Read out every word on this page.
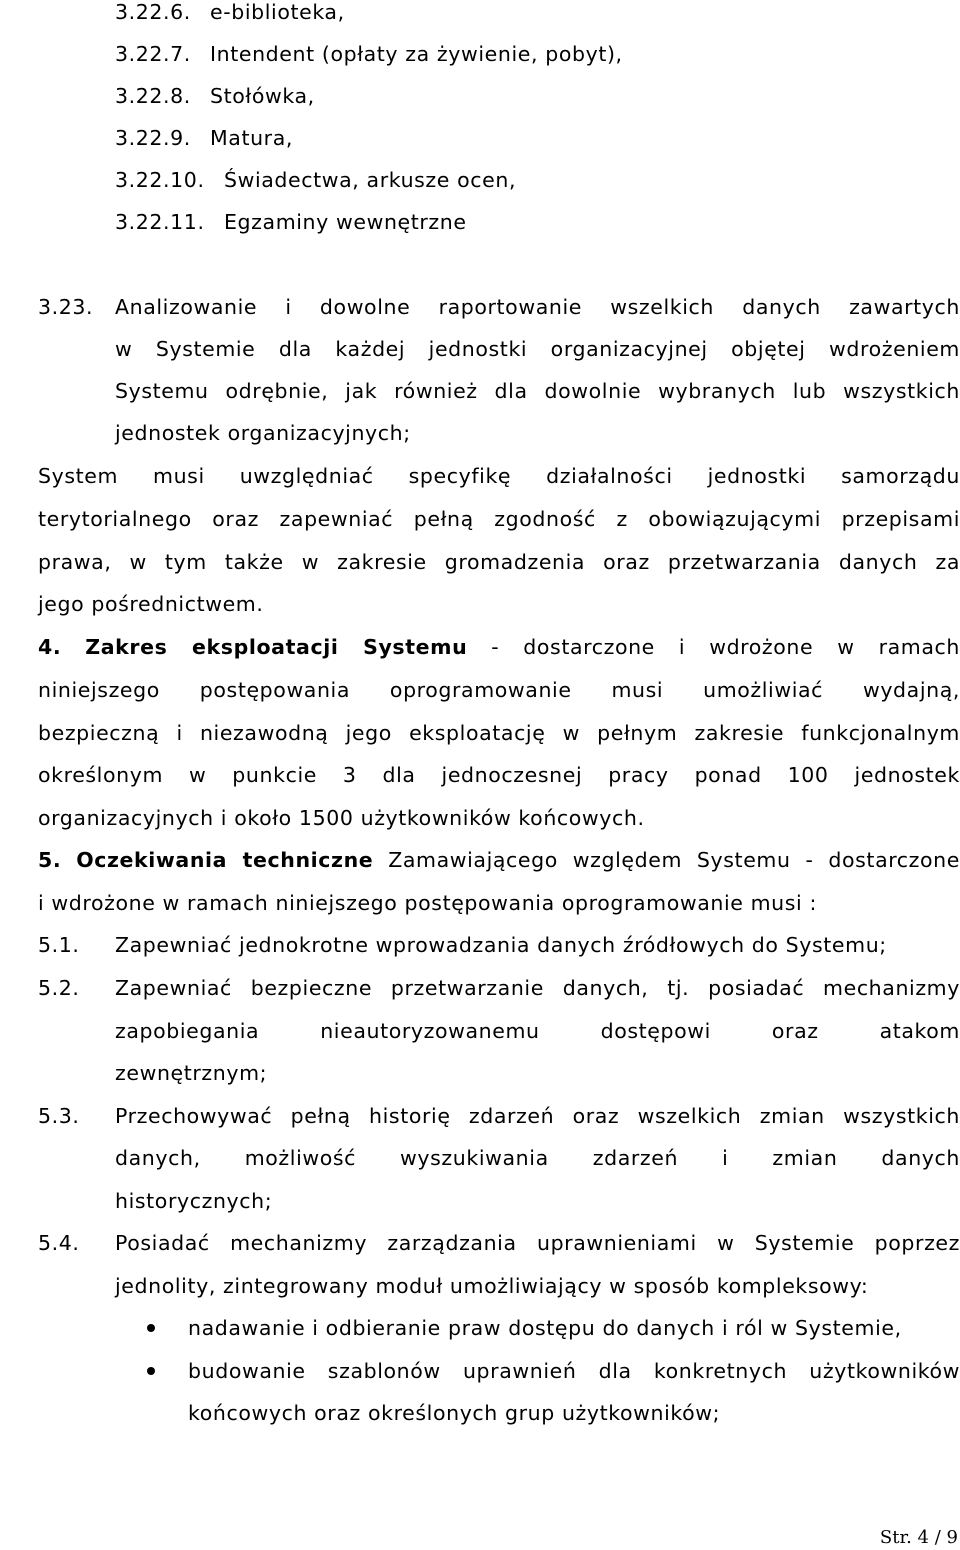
3.22.6. e-biblioteka,
3.22.7. Intendent (opłaty za żywienie, pobyt),
3.22.8. Stołówka,
3.22.9. Matura,
3.22.10. Świadectwa, arkusze ocen,
3.22.11. Egzaminy wewnętrzne
3.23. Analizowanie i dowolne raportowanie wszelkich danych zawartych
w Systemie dla każdej jednostki organizacyjnej objętej wdrożeniem
Systemu odrębnie, jak również dla dowolnie wybranych lub wszystkich
jednostek organizacyjnych;
System musi uwzględniać specyfikę działalności jednostki samorządu
terytorialnego oraz zapewniać pełną zgodność z obowiązującymi przepisami
prawa, w tym także w zakresie gromadzenia oraz przetwarzania danych za
jego pośrednictwem.
4. Zakres eksploatacji Systemu - dostarczone i wdrożone w ramach
niniejszego postępowania oprogramowanie musi umożliwiać wydajną,
bezpieczną i niezawodną jego eksploatację w pełnym zakresie funkcjonalnym
określonym w punkcie 3 dla jednoczesnej pracy ponad 100 jednostek
organizacyjnych i około 1500 użytkowników końcowych.
5. Oczekiwania techniczne Zamawiającego względem Systemu - dostarczone
i wdrożone w ramach niniejszego postępowania oprogramowanie musi :
5.1. Zapewniać jednokrotne wprowadzania danych źródłowych do Systemu;
5.2. Zapewniać bezpieczne przetwarzanie danych, tj. posiadać mechanizmy
zapobiegania nieautoryzowanemu dostępowi oraz atakom
zewnętrznym;
5.3. Przechowywać pełną historię zdarzeń oraz wszelkich zmian wszystkich
danych, możliwość wyszukiwania zdarzeń i zmian danych
historycznych;
5.4. Posiadać mechanizmy zarządzania uprawnieniami w Systemie poprzez
jednolity, zintegrowany moduł umożliwiający w sposób kompleksowy:
nadawanie i odbieranie praw dostępu do danych i ról w Systemie,
budowanie szablonów uprawnień dla konkretnych użytkowników
końcowych oraz określonych grup użytkowników;
Str. 4 / 9
